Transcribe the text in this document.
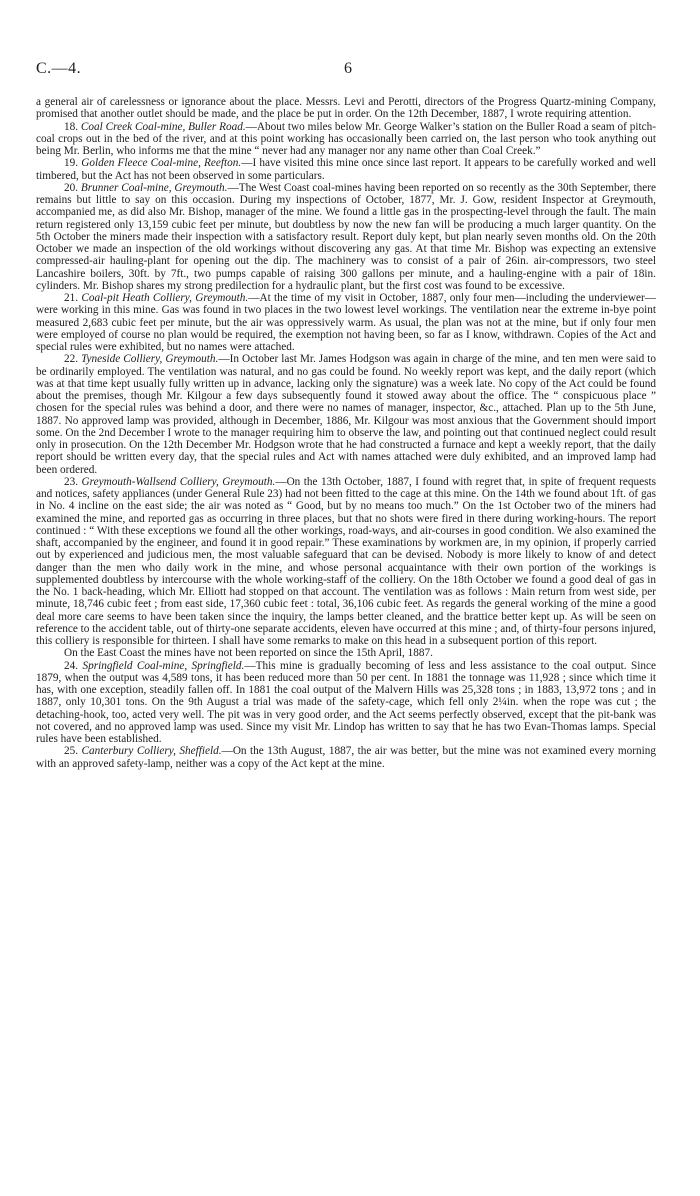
C.—4.	6

a general air of carelessness or ignorance about the place. Messrs. Levi and Perotti, directors of the Progress Quartz-mining Company, promised that another outlet should be made, and the place be put in order. On the 12th December, 1887, I wrote requiring attention.

18. Coal Creek Coal-mine, Buller Road.—About two miles below Mr. George Walker’s station on the Buller Road a seam of pitch-coal crops out in the bed of the river, and at this point working has occasionally been carried on, the last person who took anything out being Mr. Berlin, who informs me that the mine “ never had any manager nor any name other than Coal Creek.”

19. Golden Fleece Coal-mine, Reefton.—I have visited this mine once since last report. It appears to be carefully worked and well timbered, but the Act has not been observed in some particulars.

20. Brunner Coal-mine, Greymouth.—The West Coast coal-mines having been reported on so recently as the 30th September, there remains but little to say on this occasion. During my inspections of October, 1877, Mr. J. Gow, resident Inspector at Greymouth, accompanied me, as did also Mr. Bishop, manager of the mine. We found a little gas in the prospecting-level through the fault. The main return registered only 13,159 cubic feet per minute, but doubtless by now the new fan will be producing a much larger quantity. On the 5th October the miners made their inspection with a satisfactory result. Report duly kept, but plan nearly seven months old. On the 20th October we made an inspection of the old workings without discovering any gas. At that time Mr. Bishop was expecting an extensive compressed-air hauling-plant for opening out the dip. The machinery was to consist of a pair of 26in. air-compressors, two steel Lancashire boilers, 30ft. by 7ft., two pumps capable of raising 300 gallons per minute, and a hauling-engine with a pair of 18in. cylinders. Mr. Bishop shares my strong predilection for a hydraulic plant, but the first cost was found to be excessive.

21. Coal-pit Heath Colliery, Greymouth.—At the time of my visit in October, 1887, only four men—including the underviewer—were working in this mine. Gas was found in two places in the two lowest level workings. The ventilation near the extreme in-bye point measured 2,683 cubic feet per minute, but the air was oppressively warm. As usual, the plan was not at the mine, but if only four men were employed of course no plan would be required, the exemption not having been, so far as I know, withdrawn. Copies of the Act and special rules were exhibited, but no names were attached.

22. Tyneside Colliery, Greymouth.—In October last Mr. James Hodgson was again in charge of the mine, and ten men were said to be ordinarily employed. The ventilation was natural, and no gas could be found. No weekly report was kept, and the daily report (which was at that time kept usually fully written up in advance, lacking only the signature) was a week late. No copy of the Act could be found about the premises, though Mr. Kilgour a few days subsequently found it stowed away about the office. The “ conspicuous place ” chosen for the special rules was behind a door, and there were no names of manager, inspector, &c., attached. Plan up to the 5th June, 1887. No approved lamp was provided, although in December, 1886, Mr. Kilgour was most anxious that the Government should import some. On the 2nd December I wrote to the manager requiring him to observe the law, and pointing out that continued neglect could result only in prosecution. On the 12th December Mr. Hodgson wrote that he had constructed a furnace and kept a weekly report, that the daily report should be written every day, that the special rules and Act with names attached were duly exhibited, and an improved lamp had been ordered.

23. Greymouth-Wallsend Colliery, Greymouth.—On the 13th October, 1887, I found with regret that, in spite of frequent requests and notices, safety appliances (under General Rule 23) had not been fitted to the cage at this mine. On the 14th we found about 1ft. of gas in No. 4 incline on the east side; the air was noted as “ Good, but by no means too much.” On the 1st October two of the miners had examined the mine, and reported gas as occurring in three places, but that no shots were fired in there during working-hours. The report continued : “ With these exceptions we found all the other workings, road-ways, and air-courses in good condition. We also examined the shaft, accompanied by the engineer, and found it in good repair.” These examinations by workmen are, in my opinion, if properly carried out by experienced and judicious men, the most valuable safeguard that can be devised. Nobody is more likely to know of and detect danger than the men who daily work in the mine, and whose personal acquaintance with their own portion of the workings is supplemented doubtless by intercourse with the whole working-staff of the colliery. On the 18th October we found a good deal of gas in the No. 1 back-heading, which Mr. Elliott had stopped on that account. The ventilation was as follows : Main return from west side, per minute, 18,746 cubic feet ; from east side, 17,360 cubic feet : total, 36,106 cubic feet. As regards the general working of the mine a good deal more care seems to have been taken since the inquiry, the lamps better cleaned, and the brattice better kept up. As will be seen on reference to the accident table, out of thirty-one separate accidents, eleven have occurred at this mine ; and, of thirty-four persons injured, this colliery is responsible for thirteen. I shall have some remarks to make on this head in a subsequent portion of this report.

On the East Coast the mines have not been reported on since the 15th April, 1887.

24. Springfield Coal-mine, Springfield.—This mine is gradually becoming of less and less assistance to the coal output. Since 1879, when the output was 4,589 tons, it has been reduced more than 50 per cent. In 1881 the tonnage was 11,928 ; since which time it has, with one exception, steadily fallen off. In 1881 the coal output of the Malvern Hills was 25,328 tons ; in 1883, 13,972 tons ; and in 1887, only 10,301 tons. On the 9th August a trial was made of the safety-cage, which fell only 2¼in. when the rope was cut ; the detaching-hook, too, acted very well. The pit was in very good order, and the Act seems perfectly observed, except that the pit-bank was not covered, and no approved lamp was used. Since my visit Mr. Lindop has written to say that he has two Evan-Thomas lamps. Special rules have been established.

25. Canterbury Colliery, Sheffield.—On the 13th August, 1887, the air was better, but the mine was not examined every morning with an approved safety-lamp, neither was a copy of the Act kept at the mine.
